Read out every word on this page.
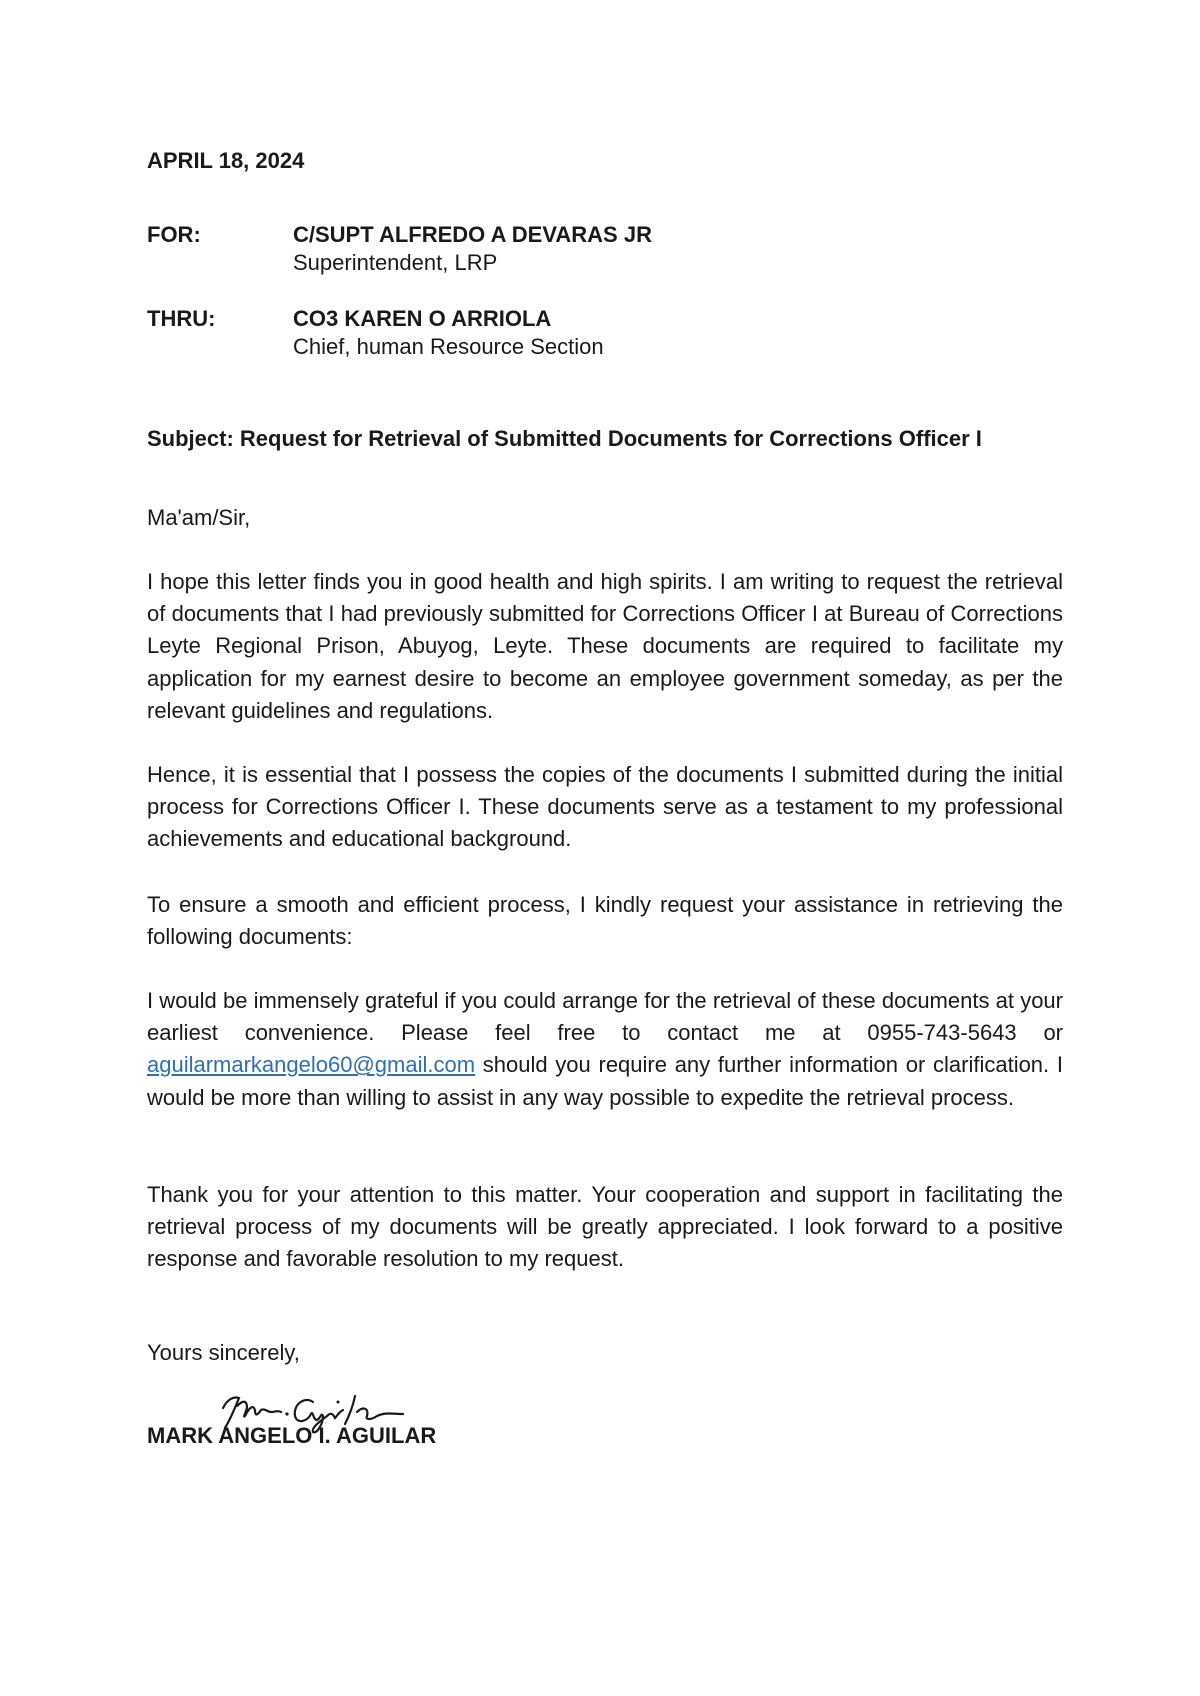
APRIL 18, 2024
FOR:	C/SUPT ALFREDO A DEVARAS JR
Superintendent, LRP
THRU:	CO3 KAREN O ARRIOLA
Chief, human Resource Section
Subject: Request for Retrieval of Submitted Documents for Corrections Officer I
Ma'am/Sir,
I hope this letter finds you in good health and high spirits. I am writing to request the retrieval of documents that I had previously submitted for Corrections Officer I at Bureau of Corrections Leyte Regional Prison, Abuyog, Leyte. These documents are required to facilitate my application for my earnest desire to become an employee government someday, as per the relevant guidelines and regulations.
Hence, it is essential that I possess the copies of the documents I submitted during the initial process for Corrections Officer I. These documents serve as a testament to my professional achievements and educational background.
To ensure a smooth and efficient process, I kindly request your assistance in retrieving the following documents:
I would be immensely grateful if you could arrange for the retrieval of these documents at your earliest convenience. Please feel free to contact me at 0955-743-5643 or aguilarmarkangelo60@gmail.com should you require any further information or clarification. I would be more than willing to assist in any way possible to expedite the retrieval process.
Thank you for your attention to this matter. Your cooperation and support in facilitating the retrieval process of my documents will be greatly appreciated. I look forward to a positive response and favorable resolution to my request.
Yours sincerely,
MARK ANGELO I. AGUILAR
